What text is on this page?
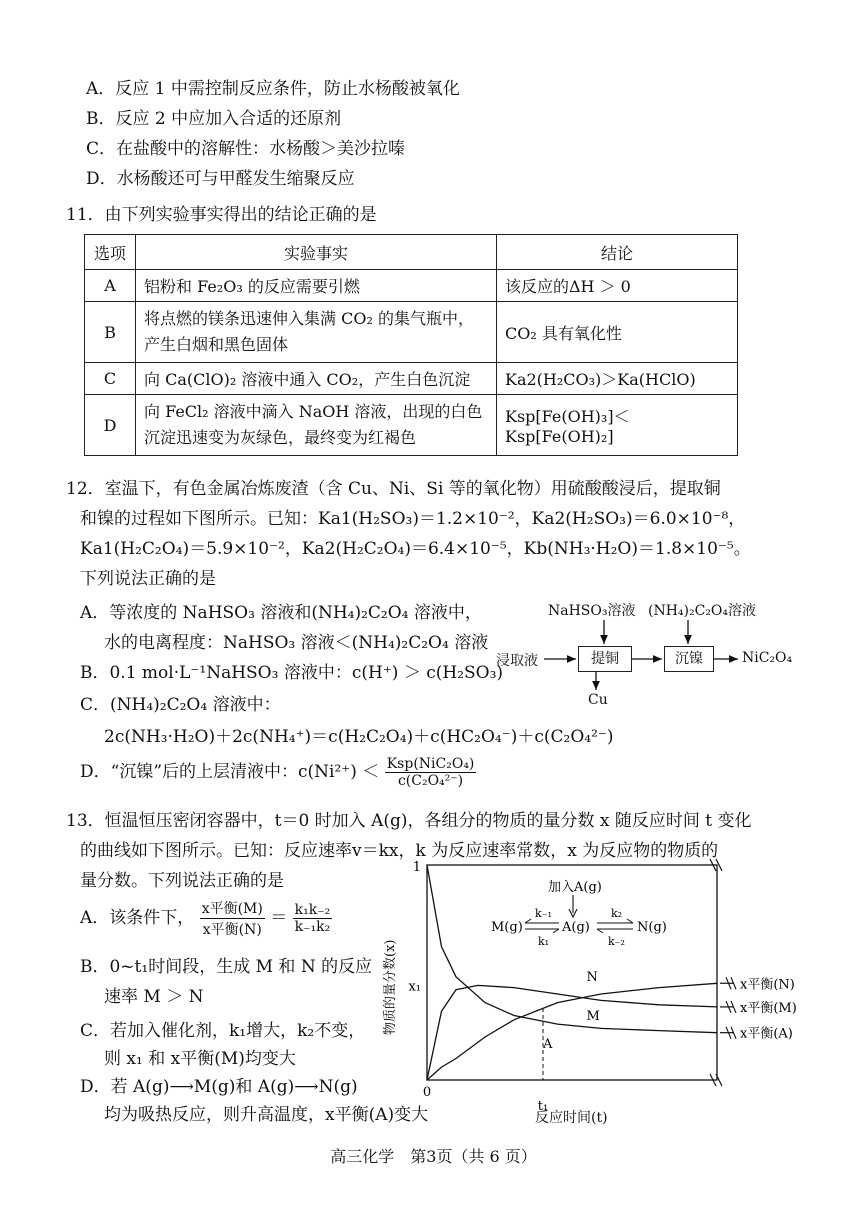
A．反应 1 中需控制反应条件，防止水杨酸被氧化
B．反应 2 中应加入合适的还原剂
C．在盐酸中的溶解性：水杨酸＞美沙拉嗪
D．水杨酸还可与甲醛发生缩聚反应
11．由下列实验事实得出的结论正确的是
选项	实验事实	结论
A	铝粉和 Fe₂O₃ 的反应需要引燃	该反应的ΔH ＞ 0
B	将点燃的镁条迅速伸入集满 CO₂ 的集气瓶中，产生白烟和黑色固体	CO₂ 具有氧化性
C	向 Ca(ClO)₂ 溶液中通入 CO₂，产生白色沉淀	Ka2(H₂CO₃)＞Ka(HClO)
D	向 FeCl₂ 溶液中滴入 NaOH 溶液，出现的白色沉淀迅速变为灰绿色，最终变为红褐色	Ksp[Fe(OH)₃]＜Ksp[Fe(OH)₂]
12．室温下，有色金属冶炼废渣（含 Cu、Ni、Si 等的氧化物）用硫酸酸浸后，提取铜
和镍的过程如下图所示。已知：Ka1(H₂SO₃)＝1.2×10⁻²，Ka2(H₂SO₃)＝6.0×10⁻⁸，
Ka1(H₂C₂O₄)＝5.9×10⁻²，Ka2(H₂C₂O₄)＝6.4×10⁻⁵，Kb(NH₃·H₂O)＝1.8×10⁻⁵。
下列说法正确的是
A．等浓度的 NaHSO₃ 溶液和(NH₄)₂C₂O₄ 溶液中，
水的电离程度：NaHSO₃ 溶液＜(NH₄)₂C₂O₄ 溶液
B．0.1 mol·L⁻¹NaHSO₃ 溶液中：c(H⁺) ＞ c(H₂SO₃)
C．(NH₄)₂C₂O₄ 溶液中：
2c(NH₃·H₂O)＋2c(NH₄⁺)＝c(H₂C₂O₄)＋c(HC₂O₄⁻)＋c(C₂O₄²⁻)
D．“沉镍”后的上层清液中：$c(Ni^{2+}) < \frac{\text{Ksp(NiC₂O₄)}}{\text{c(C₂O₄²⁻)}}$
NaHSO₃溶液 (NH₄)₂C₂O₄溶液
浸取液	提铜	沉镍	NiC₂O₄
Cu
13．恒温恒压密闭容器中，t＝0 时加入 A(g)，各组分的物质的量分数 x 随反应时间 t 变化
的曲线如下图所示。已知：反应速率v＝kx，k 为反应速率常数，x 为反应物的物质的
量分数。下列说法正确的是
A．该条件下， $\frac{\text{x平衡(M)}}{\text{x平衡(N)}} = \frac{\text{k₁k₋₂}}{\text{k₋₁k₂}}$
B．0~t₁时间段，生成 M 和 N 的反应
速率 M ＞ N
C．若加入催化剂，k₁增大，k₂不变，
则 x₁ 和 x平衡(M)均变大
D．若 A(g)⟶M(g)和 A(g)⟶N(g)
均为吸热反应，则升高温度，x平衡(A)变大
1
x₁
0
t₁
A
x平衡(A)
M
x平衡(M)
N	x平衡(N)
加入A(g)
M(g)	A(g)	N(g)
k₋₁
k₁
k₂
k₋₂
物质的量分数(x)
反应时间(t)
高三化学　第3页（共 6 页）
